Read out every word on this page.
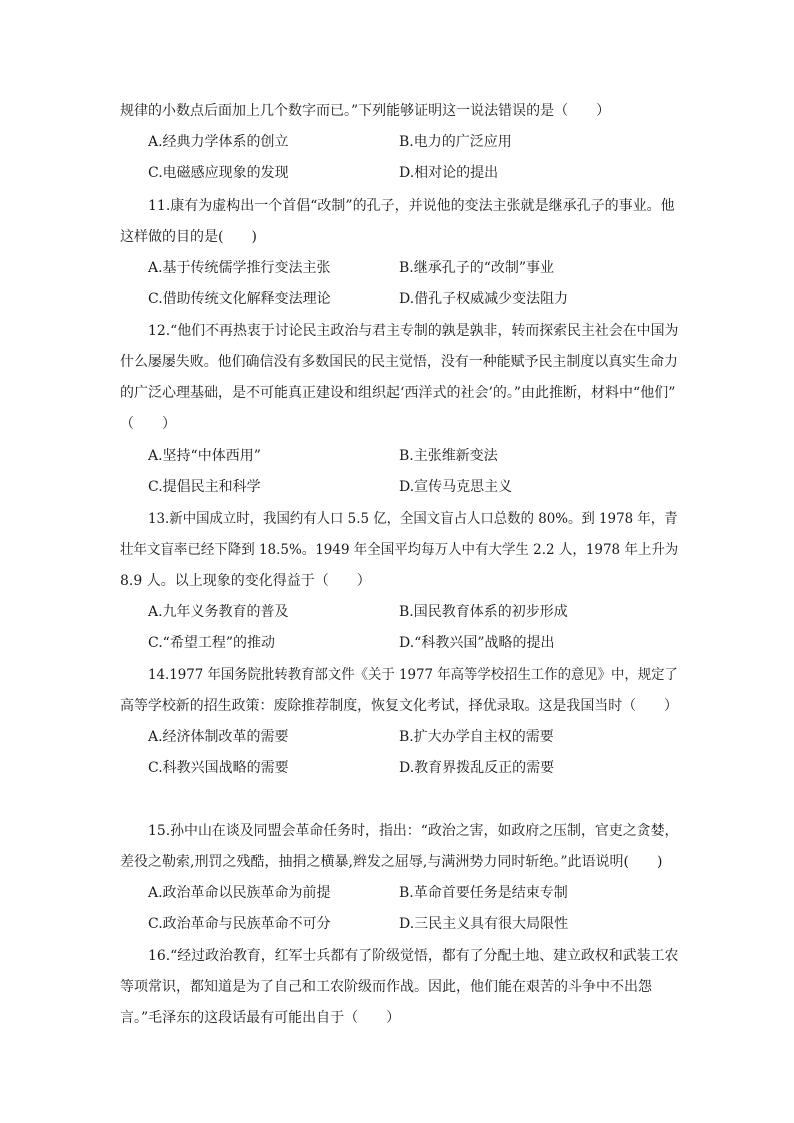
规律的小数点后面加上几个数字而已。”下列能够证明这一说法错误的是（　　）
A.经典力学体系的创立	B.电力的广泛应用
C.电磁感应现象的发现	D.相对论的提出
11.康有为虚构出一个首倡“改制”的孔子，并说他的变法主张就是继承孔子的事业。他
这样做的目的是(　　)
A.基于传统儒学推行变法主张	B.继承孔子的“改制”事业
C.借助传统文化解释变法理论	D.借孔子权威减少变法阻力
12.“他们不再热衷于讨论民主政治与君主专制的孰是孰非，转而探索民主社会在中国为
什么屡屡失败。他们确信没有多数国民的民主觉悟，没有一种能赋予民主制度以真实生命力
的广泛心理基础，是不可能真正建设和组织起‘西洋式的社会’的。”由此推断，材料中“他们”
（　　）
A.坚持“中体西用”	B.主张维新变法
C.提倡民主和科学	D.宣传马克思主义
13.新中国成立时，我国约有人口 5.5 亿，全国文盲占人口总数的 80%。到 1978 年，青
壮年文盲率已经下降到 18.5%。1949 年全国平均每万人中有大学生 2.2 人，1978 年上升为
8.9 人。以上现象的变化得益于（　　）
A.九年义务教育的普及	B.国民教育体系的初步形成
C.“希望工程”的推动	D.“科教兴国”战略的提出
14.1977 年国务院批转教育部文件《关于 1977 年高等学校招生工作的意见》中，规定了
高等学校新的招生政策：废除推荐制度，恢复文化考试，择优录取。这是我国当时（　　）
A.经济体制改革的需要	B.扩大办学自主权的需要
C.科教兴国战略的需要	D.教育界拨乱反正的需要
15.孙中山在谈及同盟会革命任务时，指出：“政治之害，如政府之压制，官吏之贪婪，
差役之勒索,刑罚之残酷，抽捐之横暴,辫发之屈辱,与满洲势力同时斩绝。”此语说明(　　)
A.政治革命以民族革命为前提	B.革命首要任务是结束专制
C.政治革命与民族革命不可分	D.三民主义具有很大局限性
16.“经过政治教育，红军士兵都有了阶级觉悟，都有了分配土地、建立政权和武装工农
等项常识，都知道是为了自己和工农阶级而作战。因此，他们能在艰苦的斗争中不出怨
言。”毛泽东的这段话最有可能出自于（　　）
